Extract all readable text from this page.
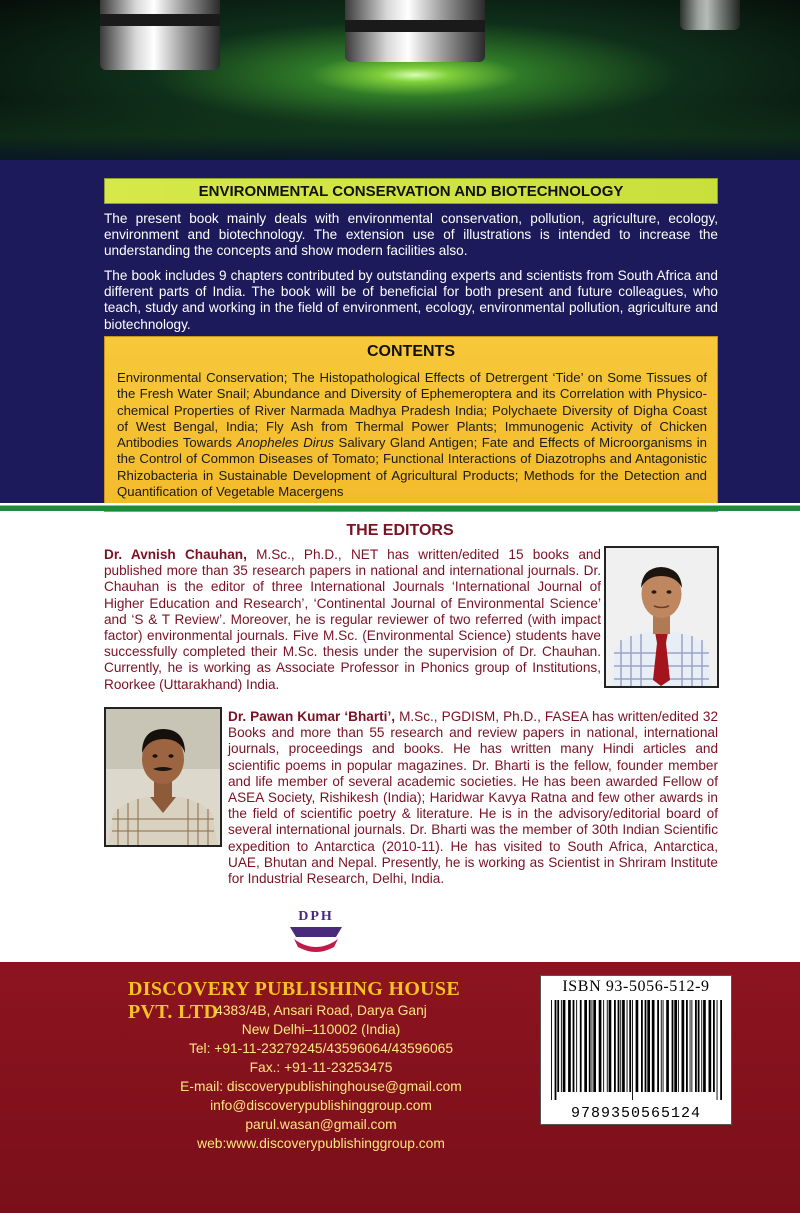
ENVIRONMENTAL CONSERVATION AND BIOTECHNOLOGY

The present book mainly deals with environmental conservation, pollution, agriculture, ecology, environment and biotechnology. The extension use of illustrations is intended to increase the understanding the concepts and show modern facilities also.

The book includes 9 chapters contributed by outstanding experts and scientists from South Africa and different parts of India. The book will be of beneficial for both present and future colleagues, who teach, study and working in the field of environment, ecology, environmental pollution, agriculture and biotechnology.

CONTENTS

Environmental Conservation; The Histopathological Effects of Detrergent ‘Tide’ on Some Tissues of the Fresh Water Snail; Abundance and Diversity of Ephemeroptera and its Correlation with Physico-chemical Properties of River Narmada Madhya Pradesh India; Polychaete Diversity of Digha Coast of West Bengal, India; Fly Ash from Thermal Power Plants; Immunogenic Activity of Chicken Antibodies Towards Anopheles Dirus Salivary Gland Antigen; Fate and Effects of Microorganisms in the Control of Common Diseases of Tomato; Functional Interactions of Diazotrophs and Antagonistic Rhizobacteria in Sustainable Development of Agricultural Products; Methods for the Detection and Quantification of Vegetable Macergens

THE EDITORS

Dr. Avnish Chauhan, M.Sc., Ph.D., NET has written/edited 15 books and published more than 35 research papers in national and international journals. Dr. Chauhan is the editor of three International Journals ‘International Journal of Higher Education and Research’, ‘Continental Journal of Environmental Science’ and ‘S & T Review’. Moreover, he is regular reviewer of two referred (with impact factor) environmental journals. Five M.Sc. (Environmental Science) students have successfully completed their M.Sc. thesis under the supervision of Dr. Chauhan. Currently, he is working as Associate Professor in Phonics group of Institutions, Roorkee (Uttarakhand) India.

Dr. Pawan Kumar ‘Bharti’, M.Sc., PGDISM, Ph.D., FASEA has written/edited 32 Books and more than 55 research and review papers in national, international journals, proceedings and books. He has written many Hindi articles and scientific poems in popular magazines. Dr. Bharti is the fellow, founder member and life member of several academic societies. He has been awarded Fellow of ASEA Society, Rishikesh (India); Haridwar Kavya Ratna and few other awards in the field of scientific poetry & literature. He is in the advisory/editorial board of several international journals. Dr. Bharti was the member of 30th Indian Scientific expedition to Antarctica (2010-11). He has visited to South Africa, Antarctica, UAE, Bhutan and Nepal. Presently, he is working as Scientist in Shriram Institute for Industrial Research, Delhi, India.

DPH
DISCOVERY PUBLISHING HOUSE PVT. LTD
4383/4B, Ansari Road, Darya Ganj
New Delhi–110002 (India)
Tel: +91-11-23279245/43596064/43596065
Fax.: +91-11-23253475
E-mail: discoverypublishinghouse@gmail.com
info@discoverypublishinggroup.com
parul.wasan@gmail.com
web:www.discoverypublishinggroup.com
ISBN 93-5056-512-9
9789350565124
